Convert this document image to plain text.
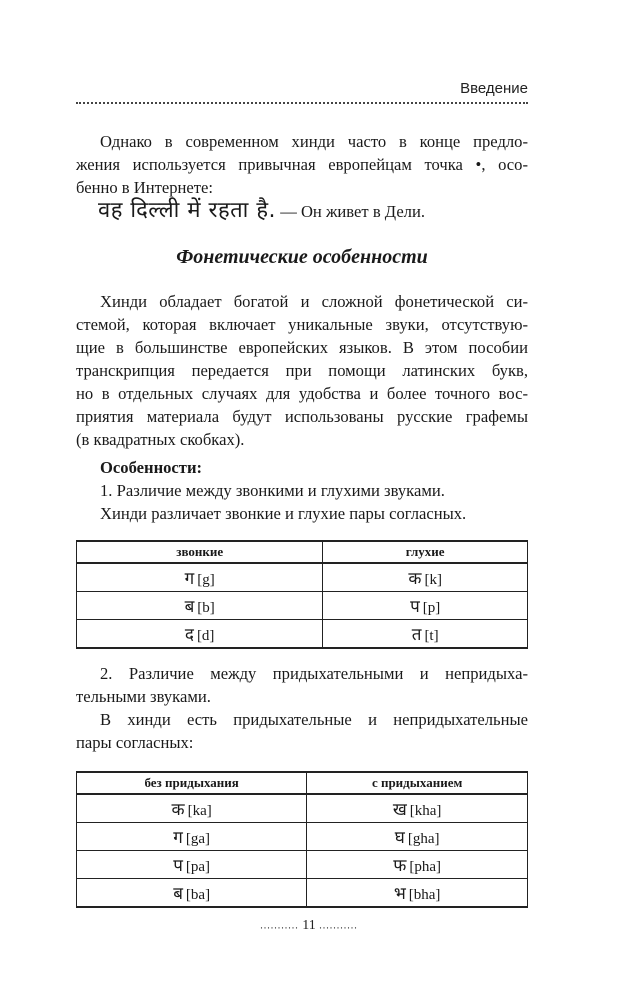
Введение

Однако в современном хинди часто в конце предло-
жения используется привычная европейцам точка •, осо-
бенно в Интернете:

वह दिल्ली में रहता है. — Он живет в Дели.
Фонетические особенности

Хинди обладает богатой и сложной фонетической си-
стемой, которая включает уникальные звуки, отсутствую-
щие в большинстве европейских языков. В этом пособии
транскрипция передается при помощи латинских букв,
но в отдельных случаях для удобства и более точного вос-
приятия материала будут использованы русские графемы
(в квадратных скобках).

Особенности:
1. Различие между звонкими и глухими звуками.
Хинди различает звонкие и глухие пары согласных.

звонкие	глухие
ग [g]	क [k]
ब [b]	प [p]
द [d]	त [t]

2. Различие между придыхательными и непридыха-
тельными звуками.
В хинди есть придыхательные и непридыхательные
пары согласных:

без придыхания	с придыханием
क [ka]	ख [kha]
ग [ga]	घ [gha]
प [pa]	फ [pha]
ब [ba]	भ [bha]
........... 11 ...........
